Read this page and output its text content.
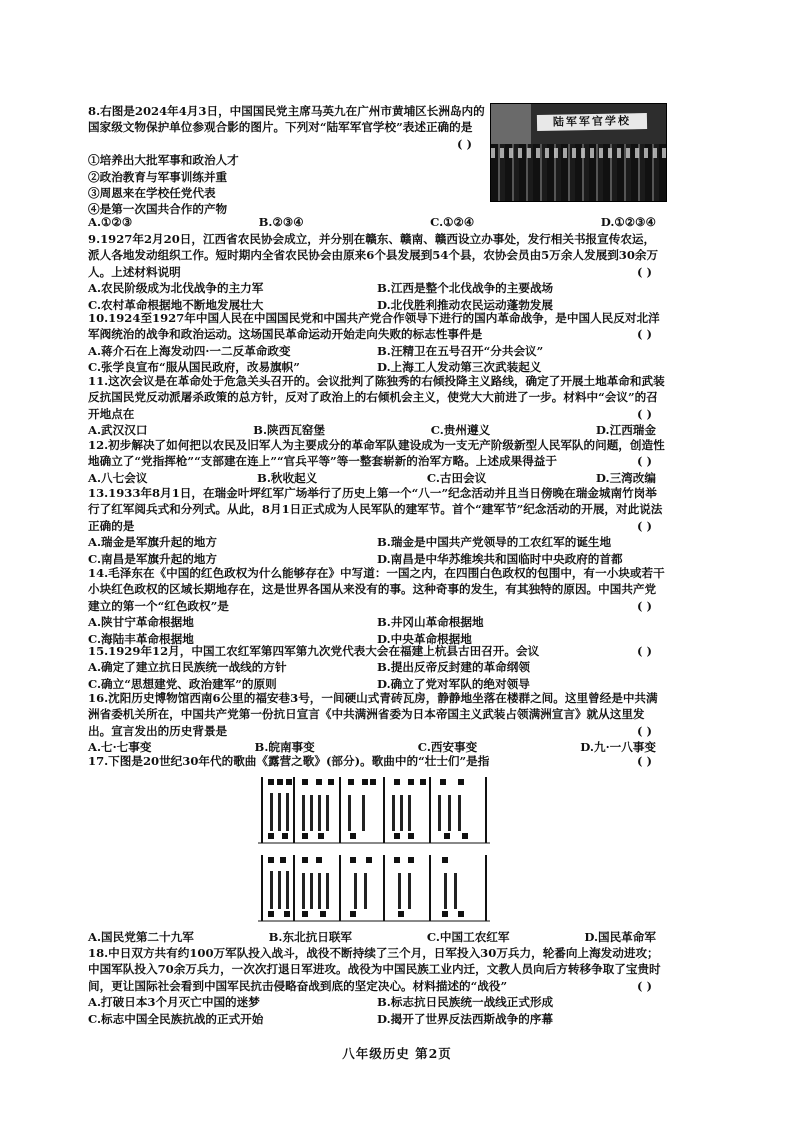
8.右图是2024年4月3日，中国国民党主席马英九在广州市黄埔区长洲岛内的国家级文物保护单位参观合影的图片。下列对“陆军军官学校”表述正确的是

( )

①培养出大批军事和政治人才

②政治教育与军事训练并重

③周恩来在学校任党代表

④是第一次国共合作的产物

A.①②③	B.②③④	C.①②④	D.①②③④
陆军军官学校

9.1927年2月20日，江西省农民协会成立，并分别在赣东、赣南、赣西设立办事处，发行相关书报宣传农运，派人各地发动组织工作。短时期内全省农民协会由原来6个县发展到54个县，农协会员由5万余人发展到30余万人。上述材料说明	( )

A.农民阶级成为北伐战争的主力军	B.江西是整个北伐战争的主要战场
C.农村革命根据地不断地发展壮大	D.北伐胜利推动农民运动蓬勃发展

10.1924至1927年中国人民在中国国民党和中国共产党合作领导下进行的国内革命战争，是中国人民反对北洋军阀统治的战争和政治运动。这场国民革命运动开始走向失败的标志性事件是	( )

A.蒋介石在上海发动四·一二反革命政变	B.汪精卫在五号召开“分共会议”
C.张学良宣布“服从国民政府，改易旗帜”	D.上海工人发动第三次武装起义

11.这次会议是在革命处于危急关头召开的。会议批判了陈独秀的右倾投降主义路线，确定了开展土地革命和武装反抗国民党反动派屠杀政策的总方针，反对了政治上的右倾机会主义，使党大大前进了一步。材料中“会议”的召开地点在	( )

A.武汉汉口	B.陕西瓦窑堡	C.贵州遵义	D.江西瑞金

12.初步解决了如何把以农民及旧军人为主要成分的革命军队建设成为一支无产阶级新型人民军队的问题，创造性地确立了“党指挥枪”“支部建在连上”“官兵平等”等一整套崭新的治军方略。上述成果得益于	( )

A.八七会议	B.秋收起义	C.古田会议	D.三湾改编

13.1933年8月1日，在瑞金叶坪红军广场举行了历史上第一个“八一”纪念活动并且当日傍晚在瑞金城南竹岗举行了红军阅兵式和分列式。从此，8月1日正式成为人民军队的建军节。首个“建军节”纪念活动的开展，对此说法正确的是	( )

A.瑞金是军旗升起的地方	B.瑞金是中国共产党领导的工农红军的诞生地
C.南昌是军旗升起的地方	D.南昌是中华苏维埃共和国临时中央政府的首都

14.毛泽东在《中国的红色政权为什么能够存在》中写道：一国之内，在四围白色政权的包围中，有一小块或若干小块红色政权的区域长期地存在，这是世界各国从来没有的事。这种奇事的发生，有其独特的原因。中国共产党建立的第一个“红色政权”是	( )

A.陕甘宁革命根据地	B.井冈山革命根据地
C.海陆丰革命根据地	D.中央革命根据地

15.1929年12月，中国工农红军第四军第九次党代表大会在福建上杭县古田召开。会议	( )

A.确定了建立抗日民族统一战线的方针	B.提出反帝反封建的革命纲领
C.确立“思想建党、政治建军”的原则	D.确立了党对军队的绝对领导

16.沈阳历史博物馆西南6公里的福安巷3号，一间硬山式青砖瓦房，静静地坐落在楼群之间。这里曾经是中共满洲省委机关所在，中国共产党第一份抗日宣言《中共满洲省委为日本帝国主义武装占领满洲宣言》就从这里发出。宣言发出的历史背景是	( )

A.七·七事变	B.皖南事变	C.西安事变	D.九·一八事变

17.下图是20世纪30年代的歌曲《露营之歌》(部分)。歌曲中的“壮士们”是指	( )

A.国民党第二十九军	B.东北抗日联军	C.中国工农红军	D.国民革命军

18.中日双方共有约100万军队投入战斗，战役不断持续了三个月，日军投入30万兵力，轮番向上海发动进攻；中国军队投入70余万兵力，一次次打退日军进攻。战役为中国民族工业内迁，文教人员向后方转移争取了宝贵时间，更让国际社会看到中国军民抗击侵略奋战到底的坚定决心。材料描述的“战役”	( )

A.打破日本3个月灭亡中国的迷梦	B.标志抗日民族统一战线正式形成
C.标志中国全民族抗战的正式开始	D.揭开了世界反法西斯战争的序幕
八年级历史 第2页
